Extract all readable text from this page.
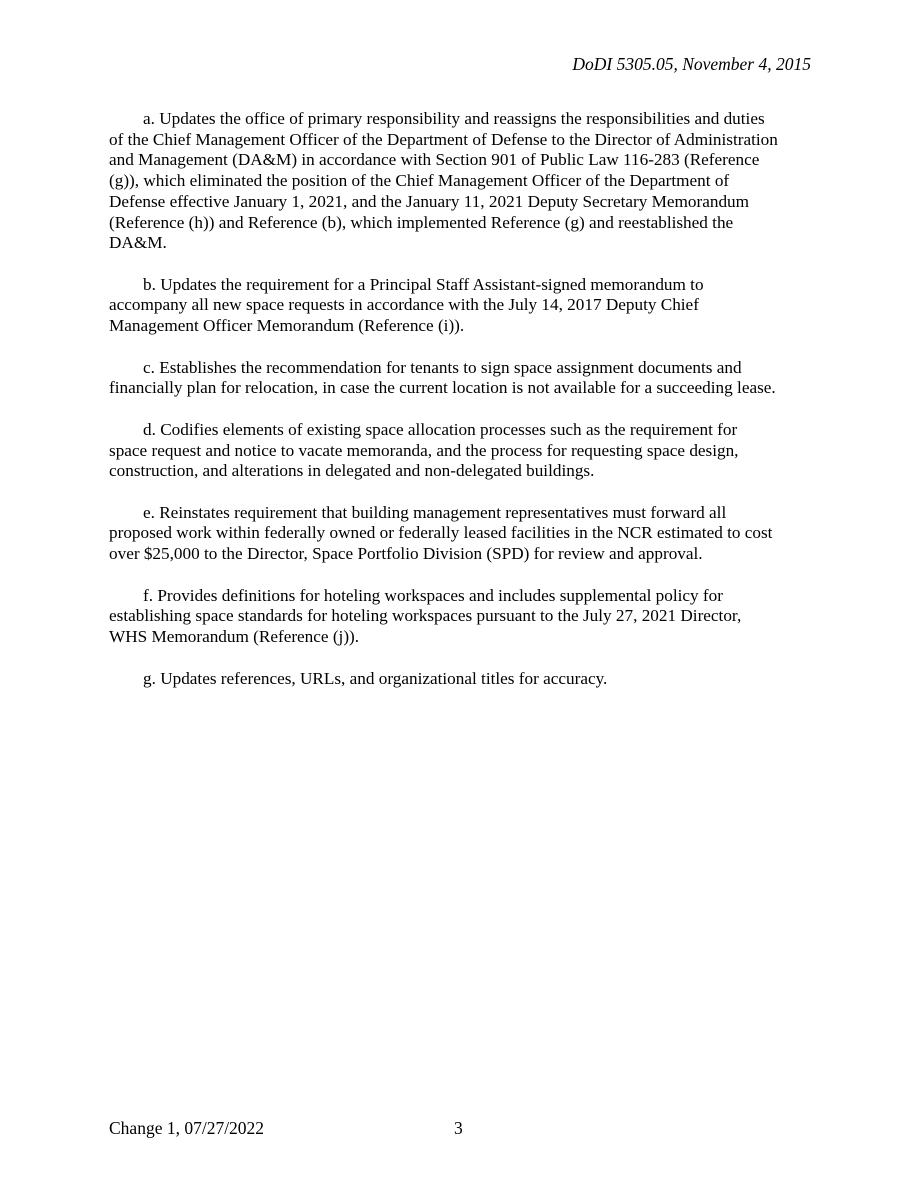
DoDI 5305.05, November 4, 2015

a. Updates the office of primary responsibility and reassigns the responsibilities and duties
of the Chief Management Officer of the Department of Defense to the Director of Administration
and Management (DA&M) in accordance with Section 901 of Public Law 116-283 (Reference
(g)), which eliminated the position of the Chief Management Officer of the Department of
Defense effective January 1, 2021, and the January 11, 2021 Deputy Secretary Memorandum
(Reference (h)) and Reference (b), which implemented Reference (g) and reestablished the
DA&M.

b. Updates the requirement for a Principal Staff Assistant-signed memorandum to
accompany all new space requests in accordance with the July 14, 2017 Deputy Chief
Management Officer Memorandum (Reference (i)).

c. Establishes the recommendation for tenants to sign space assignment documents and
financially plan for relocation, in case the current location is not available for a succeeding lease.

d. Codifies elements of existing space allocation processes such as the requirement for
space request and notice to vacate memoranda, and the process for requesting space design,
construction, and alterations in delegated and non-delegated buildings.

e. Reinstates requirement that building management representatives must forward all
proposed work within federally owned or federally leased facilities in the NCR estimated to cost
over $25,000 to the Director, Space Portfolio Division (SPD) for review and approval.

f. Provides definitions for hoteling workspaces and includes supplemental policy for
establishing space standards for hoteling workspaces pursuant to the July 27, 2021 Director,
WHS Memorandum (Reference (j)).

g. Updates references, URLs, and organizational titles for accuracy.

Change 1, 07/27/2022	3
